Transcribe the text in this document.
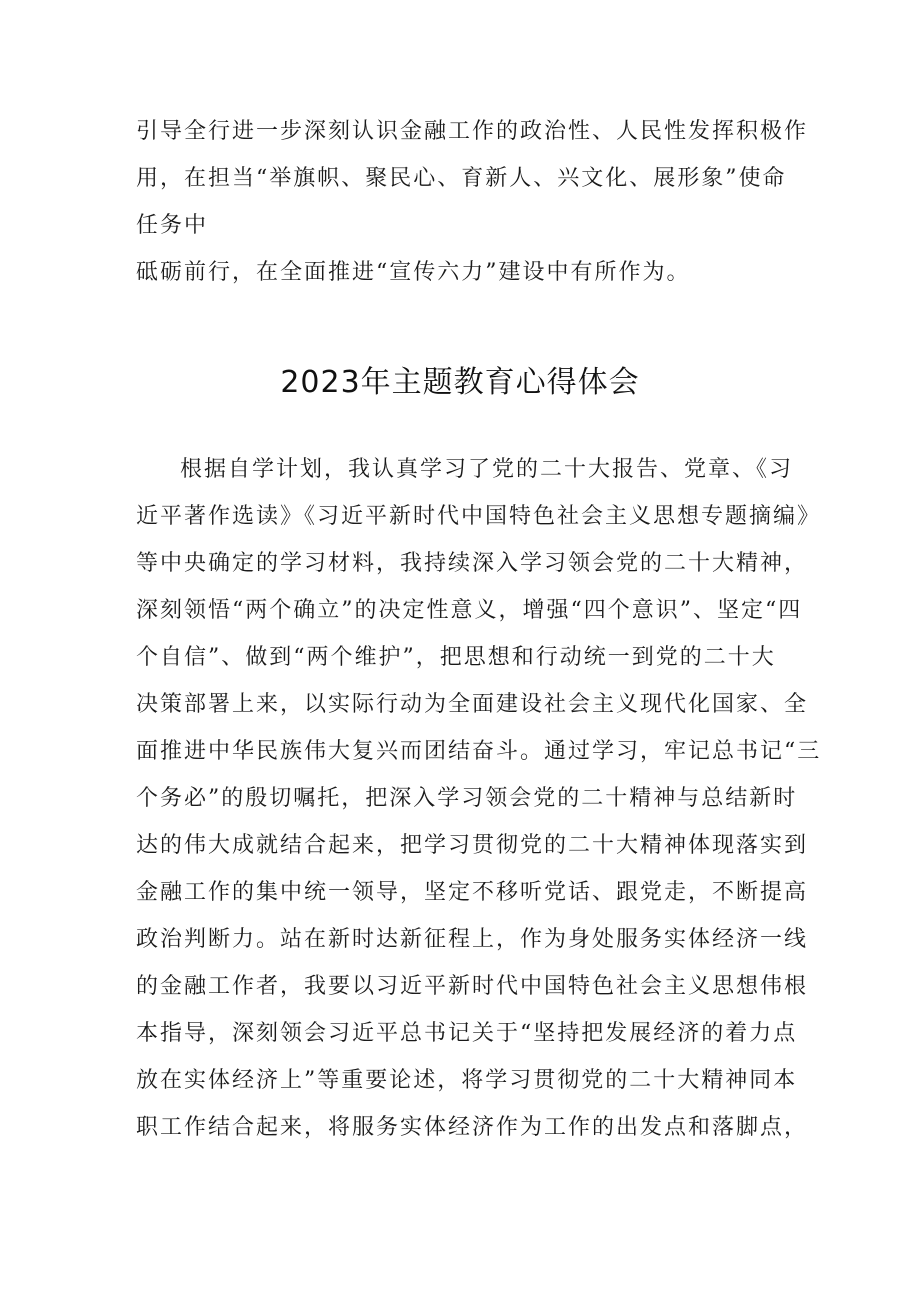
引导全行进一步深刻认识金融工作的政治性、人民性发挥积极作
用，在担当“举旗帜、聚民心、育新人、兴文化、展形象”使命
任务中
砥砺前行，在全面推进“宣传六力”建设中有所作为。
2023年主题教育心得体会
根据自学计划，我认真学习了党的二十大报告、党章、《习
近平著作选读》《习近平新时代中国特色社会主义思想专题摘编》
等中央确定的学习材料，我持续深入学习领会党的二十大精神，
深刻领悟“两个确立”的决定性意义，增强“四个意识”、坚定“四
个自信”、做到“两个维护”，把思想和行动统一到党的二十大
决策部署上来，以实际行动为全面建设社会主义现代化国家、全
面推进中华民族伟大复兴而团结奋斗。通过学习，牢记总书记“三
个务必”的殷切嘱托，把深入学习领会党的二十精神与总结新时
达的伟大成就结合起来，把学习贯彻党的二十大精神体现落实到
金融工作的集中统一领导，坚定不移听党话、跟党走，不断提高
政治判断力。站在新时达新征程上，作为身处服务实体经济一线
的金融工作者，我要以习近平新时代中国特色社会主义思想伟根
本指导，深刻领会习近平总书记关于“坚持把发展经济的着力点
放在实体经济上”等重要论述，将学习贯彻党的二十大精神同本
职工作结合起来，将服务实体经济作为工作的出发点和落脚点，
